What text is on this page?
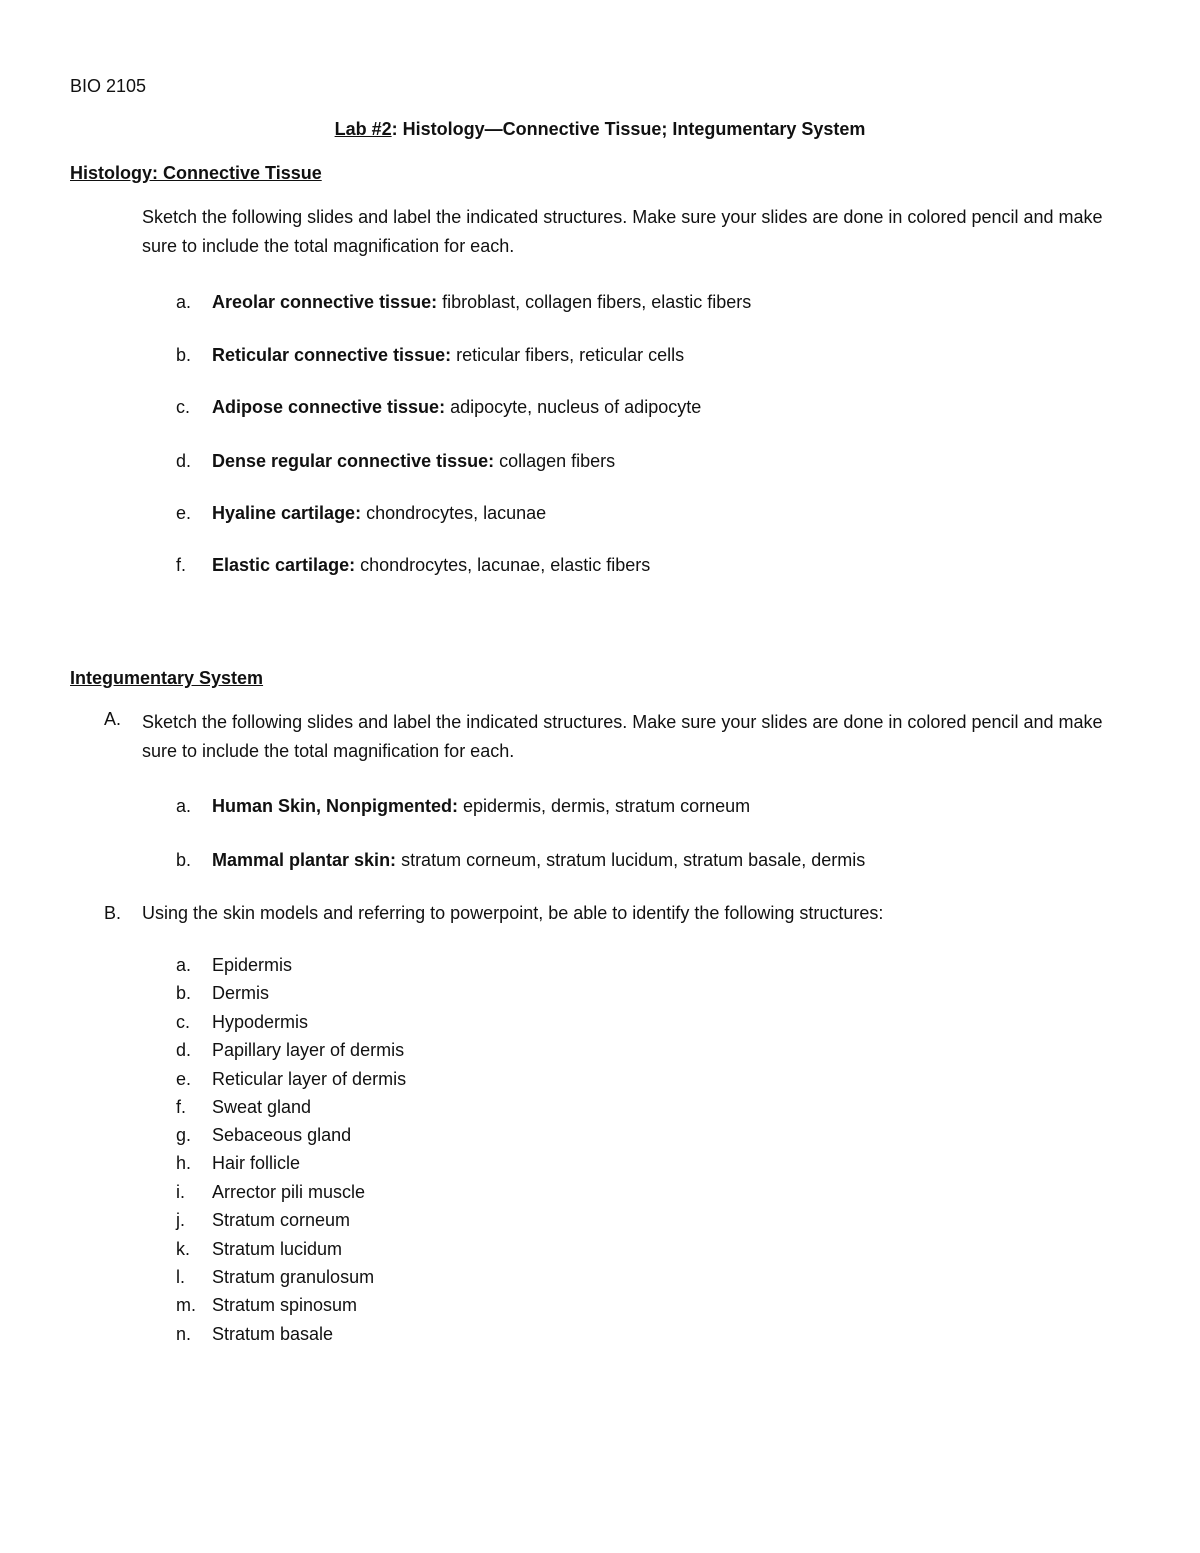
BIO 2105
Lab #2: Histology—Connective Tissue; Integumentary System
Histology: Connective Tissue
Sketch the following slides and label the indicated structures. Make sure your slides are done in colored pencil and make sure to include the total magnification for each.
a. Areolar connective tissue: fibroblast, collagen fibers, elastic fibers
b. Reticular connective tissue: reticular fibers, reticular cells
c. Adipose connective tissue: adipocyte, nucleus of adipocyte
d. Dense regular connective tissue: collagen fibers
e. Hyaline cartilage: chondrocytes, lacunae
f. Elastic cartilage: chondrocytes, lacunae, elastic fibers
Integumentary System
A. Sketch the following slides and label the indicated structures. Make sure your slides are done in colored pencil and make sure to include the total magnification for each.
a. Human Skin, Nonpigmented: epidermis, dermis, stratum corneum
b. Mammal plantar skin: stratum corneum, stratum lucidum, stratum basale, dermis
B. Using the skin models and referring to powerpoint, be able to identify the following structures:
a. Epidermis
b. Dermis
c. Hypodermis
d. Papillary layer of dermis
e. Reticular layer of dermis
f. Sweat gland
g. Sebaceous gland
h. Hair follicle
i. Arrector pili muscle
j. Stratum corneum
k. Stratum lucidum
l. Stratum granulosum
m. Stratum spinosum
n. Stratum basale
